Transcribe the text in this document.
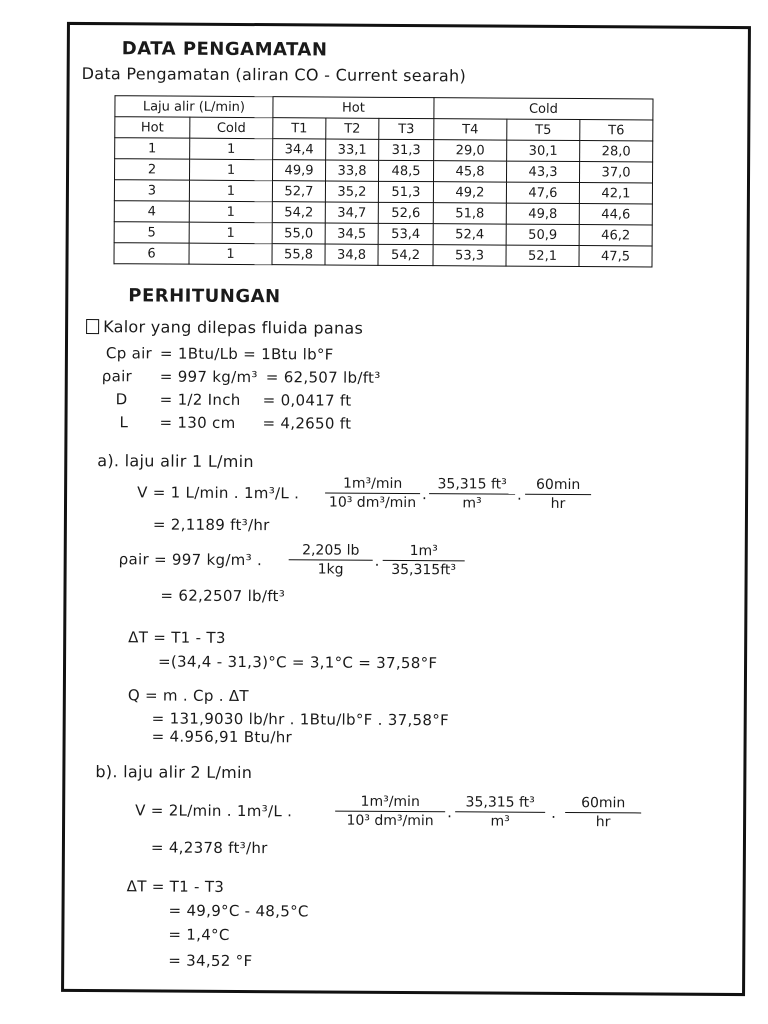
DATA PENGAMATAN
Data Pengamatan (aliran CO - Current searah)
Laju alir (L/min)		Hot			Cold		
Hot	Cold	T1	T2	T3	T4	T5	T6
1	1	34,4	33,1	31,3	29,0	30,1	28,0
2	1	49,9	33,8	48,5	45,8	43,3	37,0
3	1	52,7	35,2	51,3	49,2	47,6	42,1
4	1	54,2	34,7	52,6	51,8	49,8	44,6
5	1	55,0	34,5	53,4	52,4	50,9	46,2
6	1	55,8	34,8	54,2	53,3	52,1	47,5
PERHITUNGAN
Kalor yang dilepas fluida panas
Cp air = 1Btu/Lb = 1Btu lb°F
ρair = 997 kg/m³ = 62,507 lb/ft³
D = 1/2 Inch = 0,0417 ft
L = 130 cm = 4,2650 ft
a). laju alir 1 L/min
V = 1 L/min . 1m³/L .	1m³/min
10³ dm³/min .
35,315 ft³
m³	.
60min
hr
= 2,1189 ft³/hr
ρair = 997 kg/m³ .	2,205 lb
1kg	.
1m³
35,315ft³
= 62,2507 lb/ft³
ΔT = T1 - T3
=(34,4 - 31,3)°C = 3,1°C = 37,58°F
Q = m . Cp . ΔT
= 131,9030 lb/hr . 1Btu/lb°F . 37,58°F
= 4.956,91 Btu/hr
b). laju alir 2 L/min
V = 2L/min . 1m³/L .	1m³/min
10³ dm³/min .
35,315 ft³
m³	.
60min
hr
= 4,2378 ft³/hr
ΔT = T1 - T3
= 49,9°C - 48,5°C
= 1,4°C
= 34,52 °F
